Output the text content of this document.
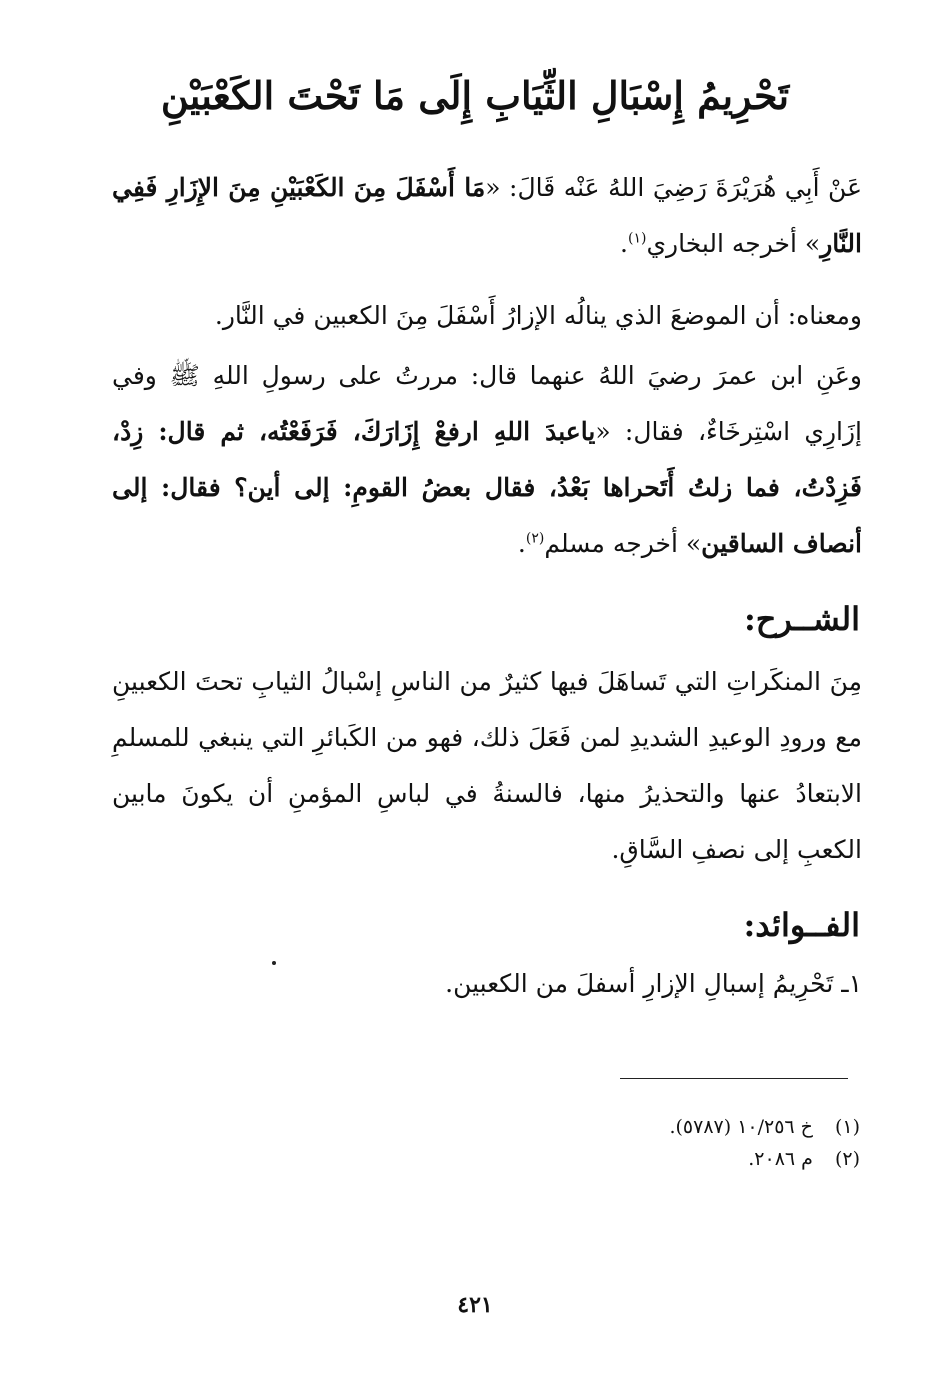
تَحْرِيمُ إِسْبَالِ الثِّيَابِ إِلَى مَا تَحْتَ الكَعْبَيْنِ

عَنْ أَبِي هُرَيْرَةَ رَضِيَ اللهُ عَنْه قَالَ: «مَا أَسْفَلَ مِنَ الكَعْبَيْنِ مِنَ الإِزَارِ فَفِي النَّارِ» أخرجه البخاري$^{(١)}$.

ومعناه: أن الموضعَ الذي ينالُه الإزارُ أَسْفَلَ مِنَ الكعبين في النَّار.

وعَنِ ابن عمرَ رضيَ اللهُ عنهما قال: مررتُ على رسولِ اللهِ ﷺ وفي إزَارِي اسْتِرخَاءٌ، فقال: «ياعبدَ اللهِ ارفعْ إِزَارَكَ، فَرَفَعْتُه، ثم قال: زِدْ، فَزِدْتُ، فما زلتُ أَتَحراها بَعْدُ، فقال بعضُ القومِ: إلى أين؟ فقال: إلى أنصاف الساقين» أخرجه مسلم$^{(٢)}$.

الشــرح:

مِنَ المنكَراتِ التي تَساهَلَ فيها كثيرٌ من الناسِ إسْبالُ الثيابِ تحتَ الكعبينِ مع ورودِ الوعيدِ الشديدِ لمن فَعَلَ ذلك، فهو من الكَبائرِ التي ينبغي للمسلمِ الابتعادُ عنها والتحذيرُ منها، فالسنةُ في لباسِ المؤمنِ أن يكونَ مابين الكعبِ إلى نصفِ السَّاقِ.

الفــوائد:

١ـ تَحْرِيمُ إسبالِ الإزارِ أسفلَ من الكعبين.

(١)خ ١٠/٢٥٦ (٥٧٨٧).
(٢)م ٢٠٨٦.
٤٢١
